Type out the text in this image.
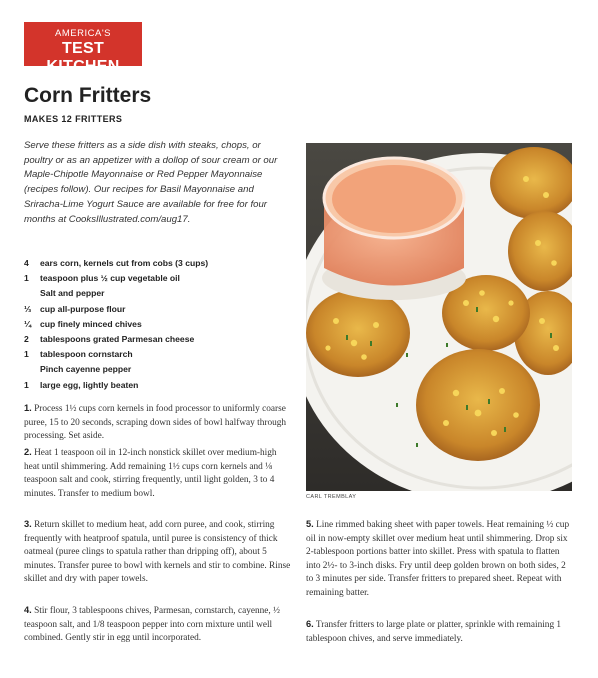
AMERICA'S
TEST KITCHEN
Corn Fritters
MAKES 12 FRITTERS
Serve these fritters as a side dish with steaks, chops, or poultry or as an appetizer with a dollop of sour cream or our Maple-Chipotle Mayonnaise or Red Pepper Mayonnaise (recipes follow). Our recipes for Basil Mayonnaise and Sriracha-Lime Yogurt Sauce are available for free for four months at CooksIllustrated.com/aug17.
4 ears corn, kernels cut from cobs (3 cups)
1 teaspoon plus ½ cup vegetable oil
Salt and pepper
⅓ cup all-purpose flour
¼ cup finely minced chives
2 tablespoons grated Parmesan cheese
1 tablespoon cornstarch
Pinch cayenne pepper
1 large egg, lightly beaten
1. Process 1½ cups corn kernels in food processor to uniformly coarse puree, 15 to 20 seconds, scraping down sides of bowl halfway through processing. Set aside.
2. Heat 1 teaspoon oil in 12-inch nonstick skillet over medium-high heat until shimmering. Add remaining 1½ cups corn kernels and ⅛ teaspoon salt and cook, stirring frequently, until light golden, 3 to 4 minutes. Transfer to medium bowl.
3. Return skillet to medium heat, add corn puree, and cook, stirring frequently with heatproof spatula, until puree is consistency of thick oatmeal (puree clings to spatula rather than dripping off), about 5 minutes. Transfer puree to bowl with kernels and stir to combine. Rinse skillet and dry with paper towels.
4. Stir flour, 3 tablespoons chives, Parmesan, cornstarch, cayenne, ½ teaspoon salt, and 1/8 teaspoon pepper into corn mixture until well combined. Gently stir in egg until incorporated.
5. Line rimmed baking sheet with paper towels. Heat remaining ½ cup oil in now-empty skillet over medium heat until shimmering. Drop six 2-tablespoon portions batter into skillet. Press with spatula to flatten into 2½- to 3-inch disks. Fry until deep golden brown on both sides, 2 to 3 minutes per side. Transfer fritters to prepared sheet. Repeat with remaining batter.
6. Transfer fritters to large plate or platter, sprinkle with remaining 1 tablespoon chives, and serve immediately.
CARL TREMBLAY
